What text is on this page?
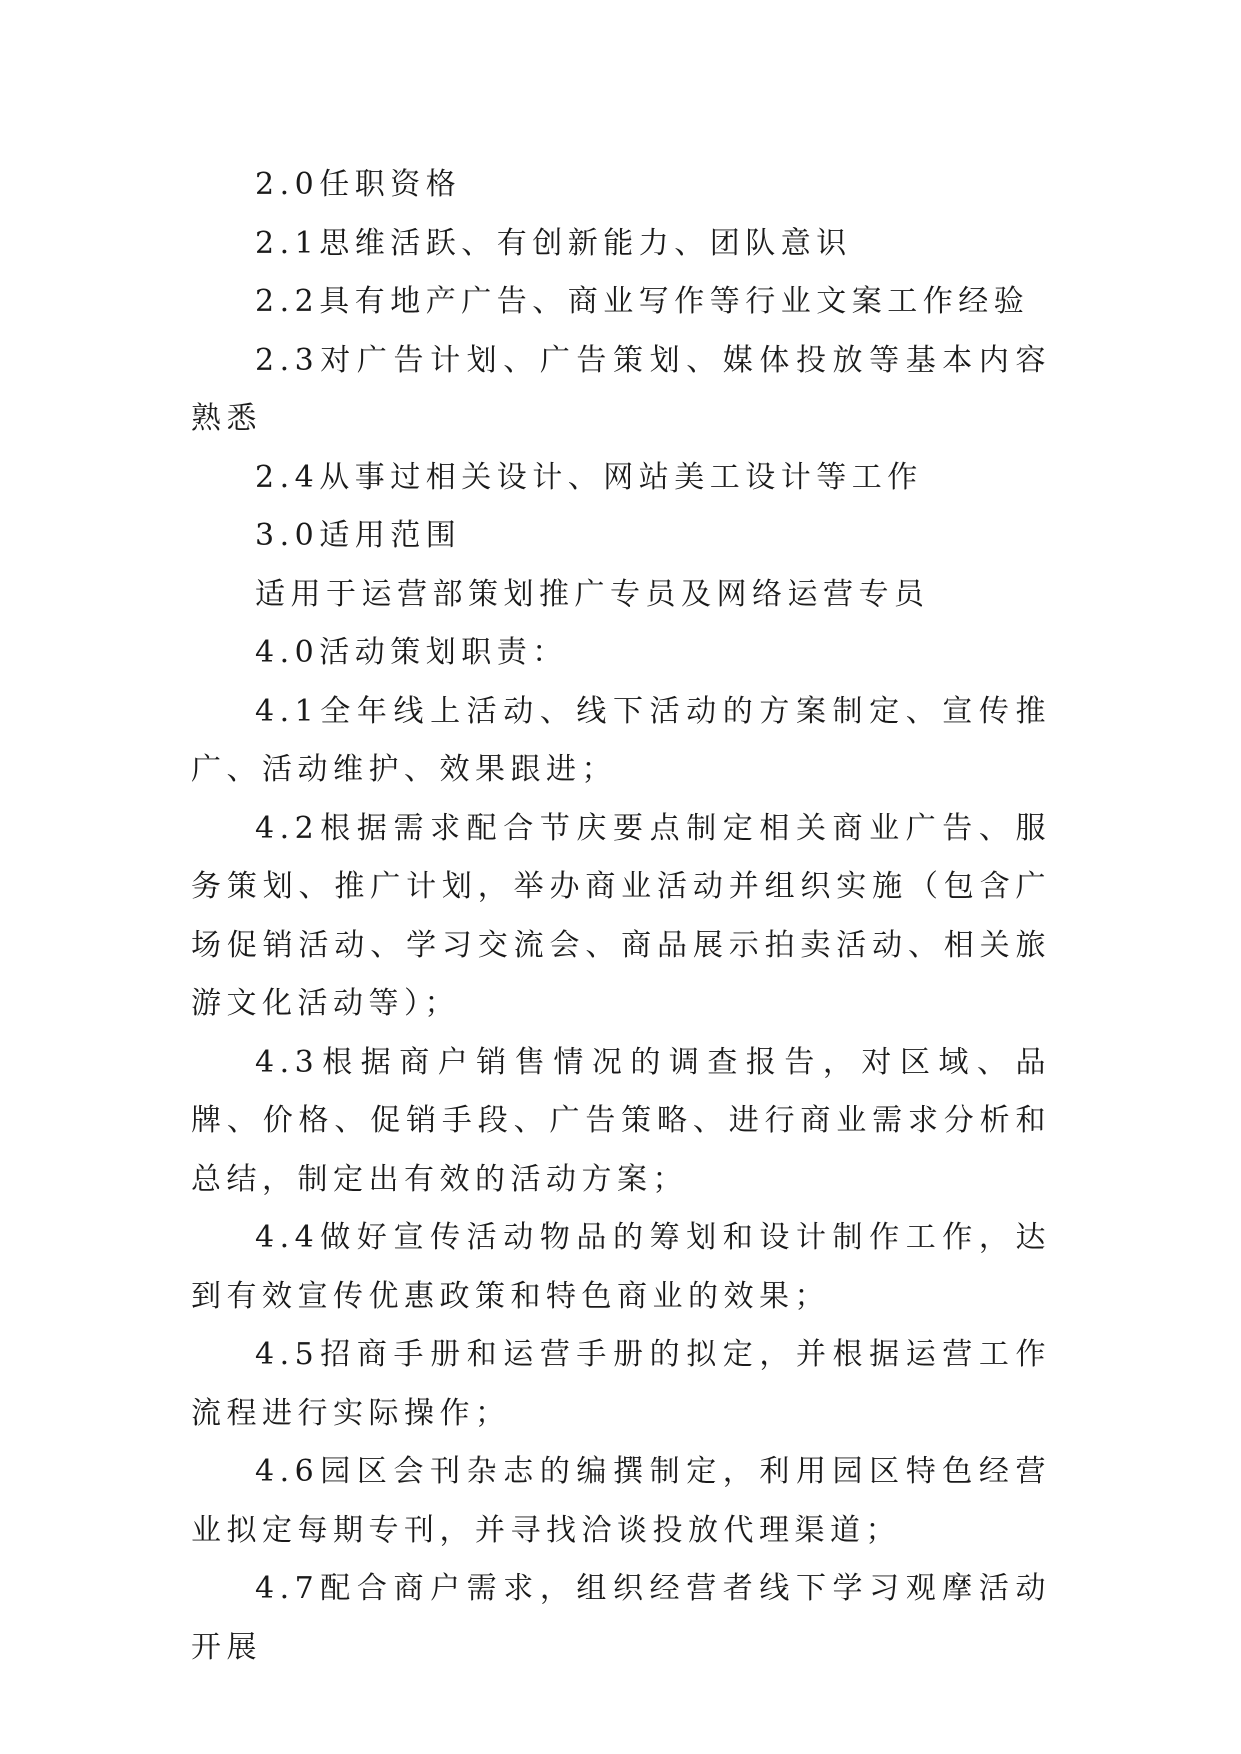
2.0任职资格

2.1思维活跃、有创新能力、团队意识

2.2具有地产广告、商业写作等行业文案工作经验

2.3对广告计划、广告策划、媒体投放等基本内容熟悉

2.4从事过相关设计、网站美工设计等工作

3.0适用范围

适用于运营部策划推广专员及网络运营专员

4.0活动策划职责：

4.1全年线上活动、线下活动的方案制定、宣传推广、活动维护、效果跟进；

4.2根据需求配合节庆要点制定相关商业广告、服务策划、推广计划，举办商业活动并组织实施（包含广场促销活动、学习交流会、商品展示拍卖活动、相关旅游文化活动等）；

4.3根据商户销售情况的调查报告，对区域、品牌、价格、促销手段、广告策略、进行商业需求分析和总结，制定出有效的活动方案；

4.4做好宣传活动物品的筹划和设计制作工作，达到有效宣传优惠政策和特色商业的效果；

4.5招商手册和运营手册的拟定，并根据运营工作流程进行实际操作；

4.6园区会刊杂志的编撰制定，利用园区特色经营业拟定每期专刊，并寻找洽谈投放代理渠道；

4.7配合商户需求，组织经营者线下学习观摩活动开展
